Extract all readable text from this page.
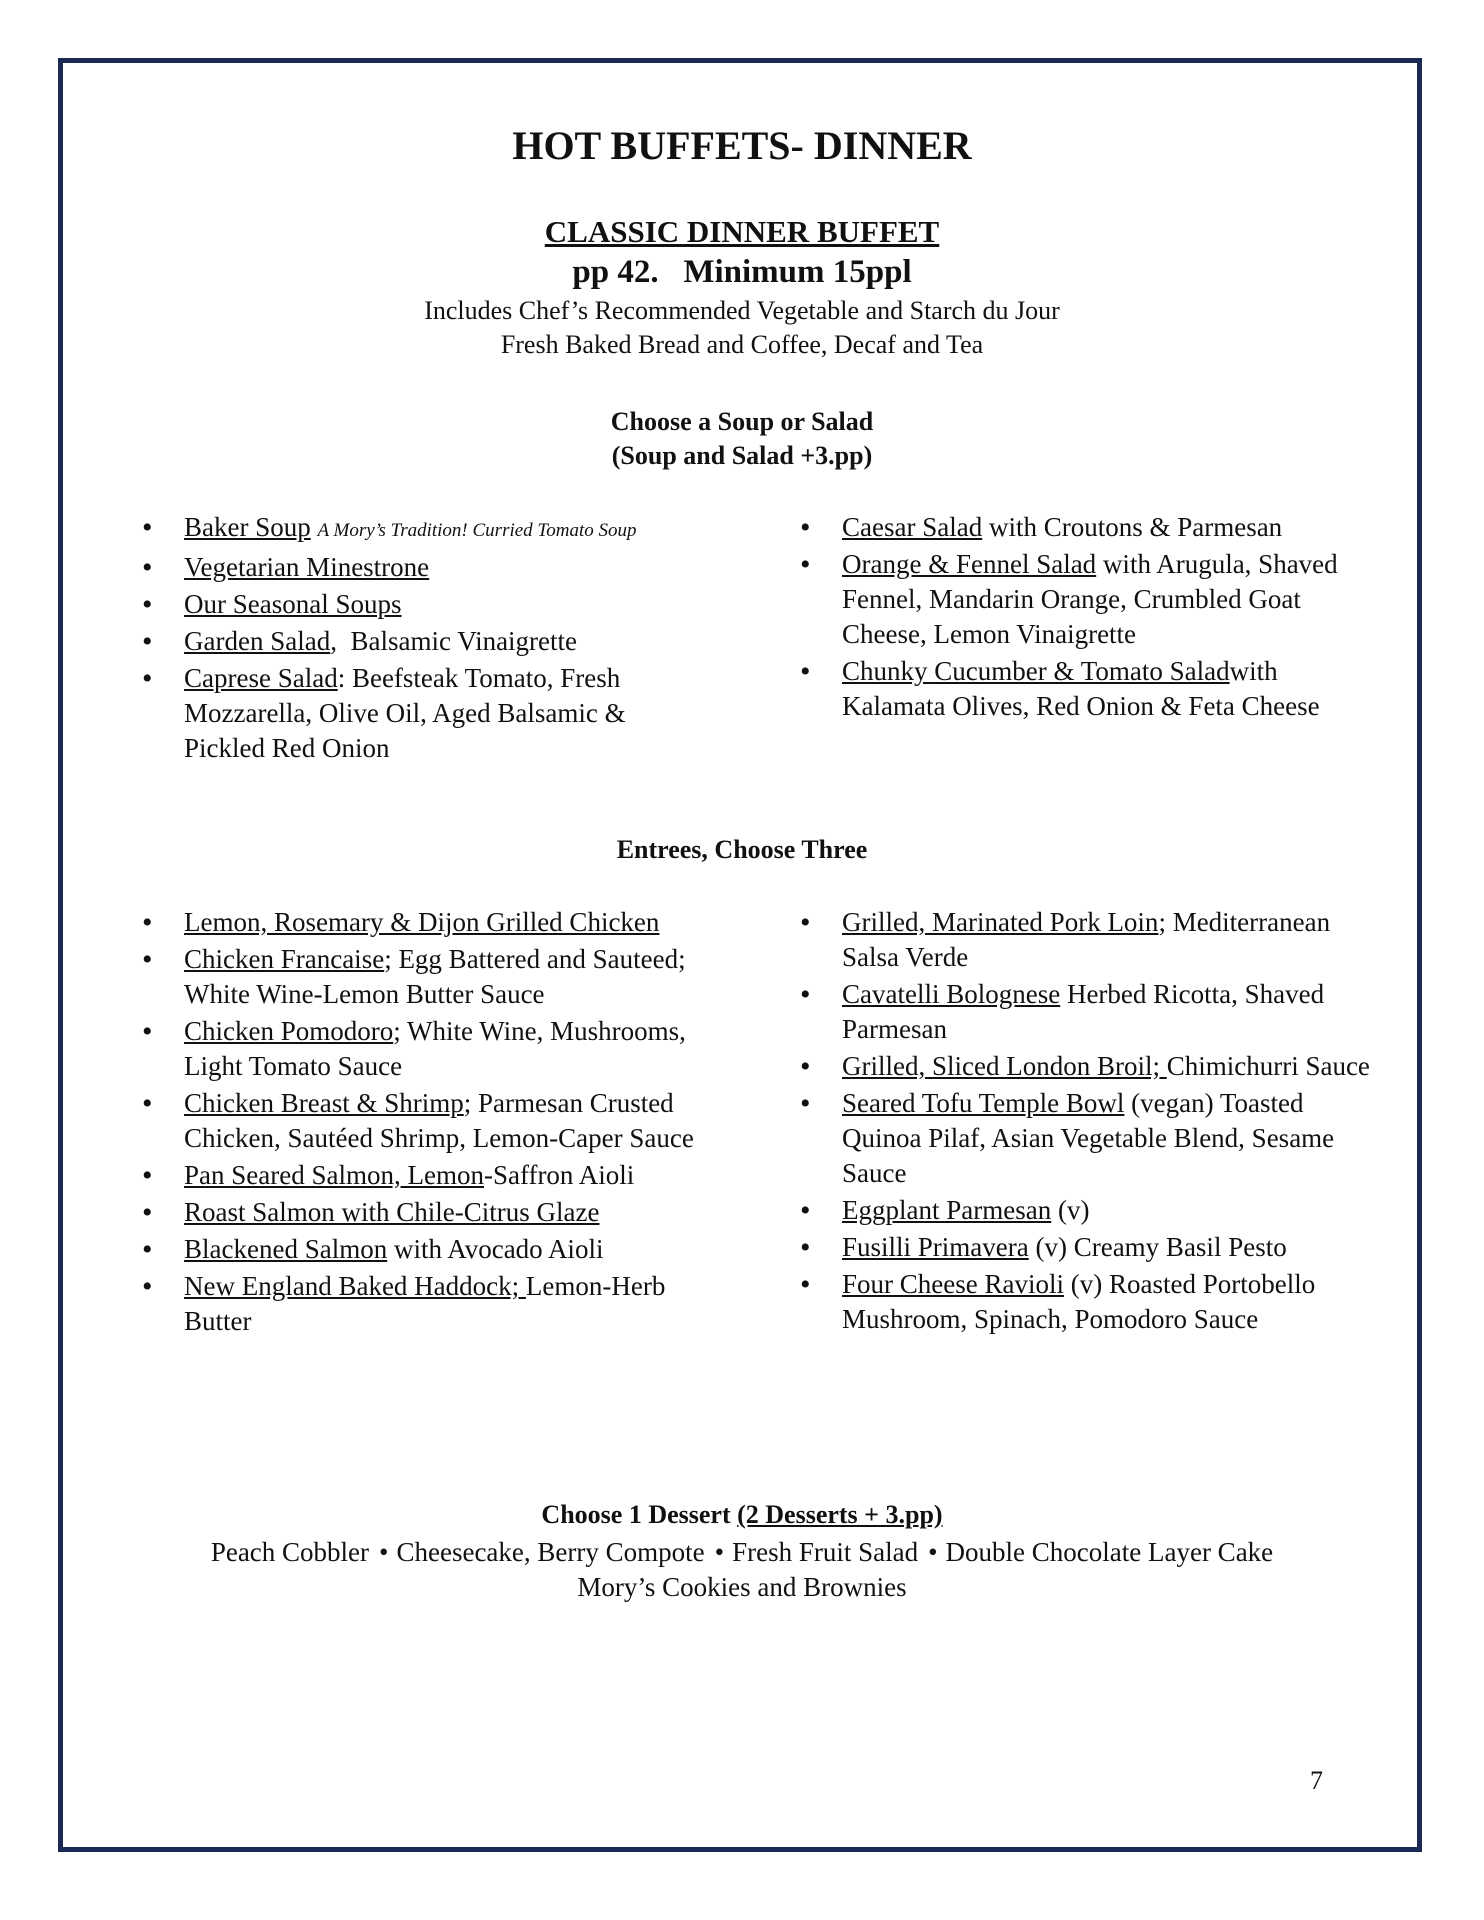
HOT BUFFETS- DINNER
CLASSIC DINNER BUFFET
pp 42.   Minimum 15ppl
Includes Chef’s Recommended Vegetable and Starch du Jour
Fresh Baked Bread and Coffee, Decaf and Tea
Choose a Soup or Salad
(Soup and Salad +3.pp)
• Baker Soup A Mory’s Tradition! Curried Tomato Soup
• Vegetarian Minestrone
• Our Seasonal Soups
• Garden Salad,  Balsamic Vinaigrette
• Caprese Salad: Beefsteak Tomato, Fresh Mozzarella, Olive Oil, Aged Balsamic & Pickled Red Onion
• Caesar Salad with Croutons & Parmesan
• Orange & Fennel Salad with Arugula, Shaved Fennel, Mandarin Orange, Crumbled Goat Cheese, Lemon Vinaigrette
• Chunky Cucumber & Tomato Saladwith Kalamata Olives, Red Onion & Feta Cheese
Entrees, Choose Three
• Lemon, Rosemary & Dijon Grilled Chicken
• Chicken Francaise; Egg Battered and Sauteed; White Wine-Lemon Butter Sauce
• Chicken Pomodoro; White Wine, Mushrooms, Light Tomato Sauce
• Chicken Breast & Shrimp; Parmesan Crusted Chicken, Sautéed Shrimp, Lemon-Caper Sauce
• Pan Seared Salmon, Lemon-Saffron Aioli
• Roast Salmon with Chile-Citrus Glaze
• Blackened Salmon with Avocado Aioli
• New England Baked Haddock; Lemon-Herb Butter
• Grilled, Marinated Pork Loin; Mediterranean Salsa Verde
• Cavatelli Bolognese Herbed Ricotta, Shaved Parmesan
• Grilled, Sliced London Broil; Chimichurri Sauce
• Seared Tofu Temple Bowl (vegan) Toasted Quinoa Pilaf, Asian Vegetable Blend, Sesame Sauce
• Eggplant Parmesan (v)
• Fusilli Primavera (v) Creamy Basil Pesto
• Four Cheese Ravioli (v) Roasted Portobello Mushroom, Spinach, Pomodoro Sauce
Choose 1 Dessert (2 Desserts + 3.pp)
Peach Cobbler • Cheesecake, Berry Compote • Fresh Fruit Salad • Double Chocolate Layer Cake
Mory’s Cookies and Brownies
7
